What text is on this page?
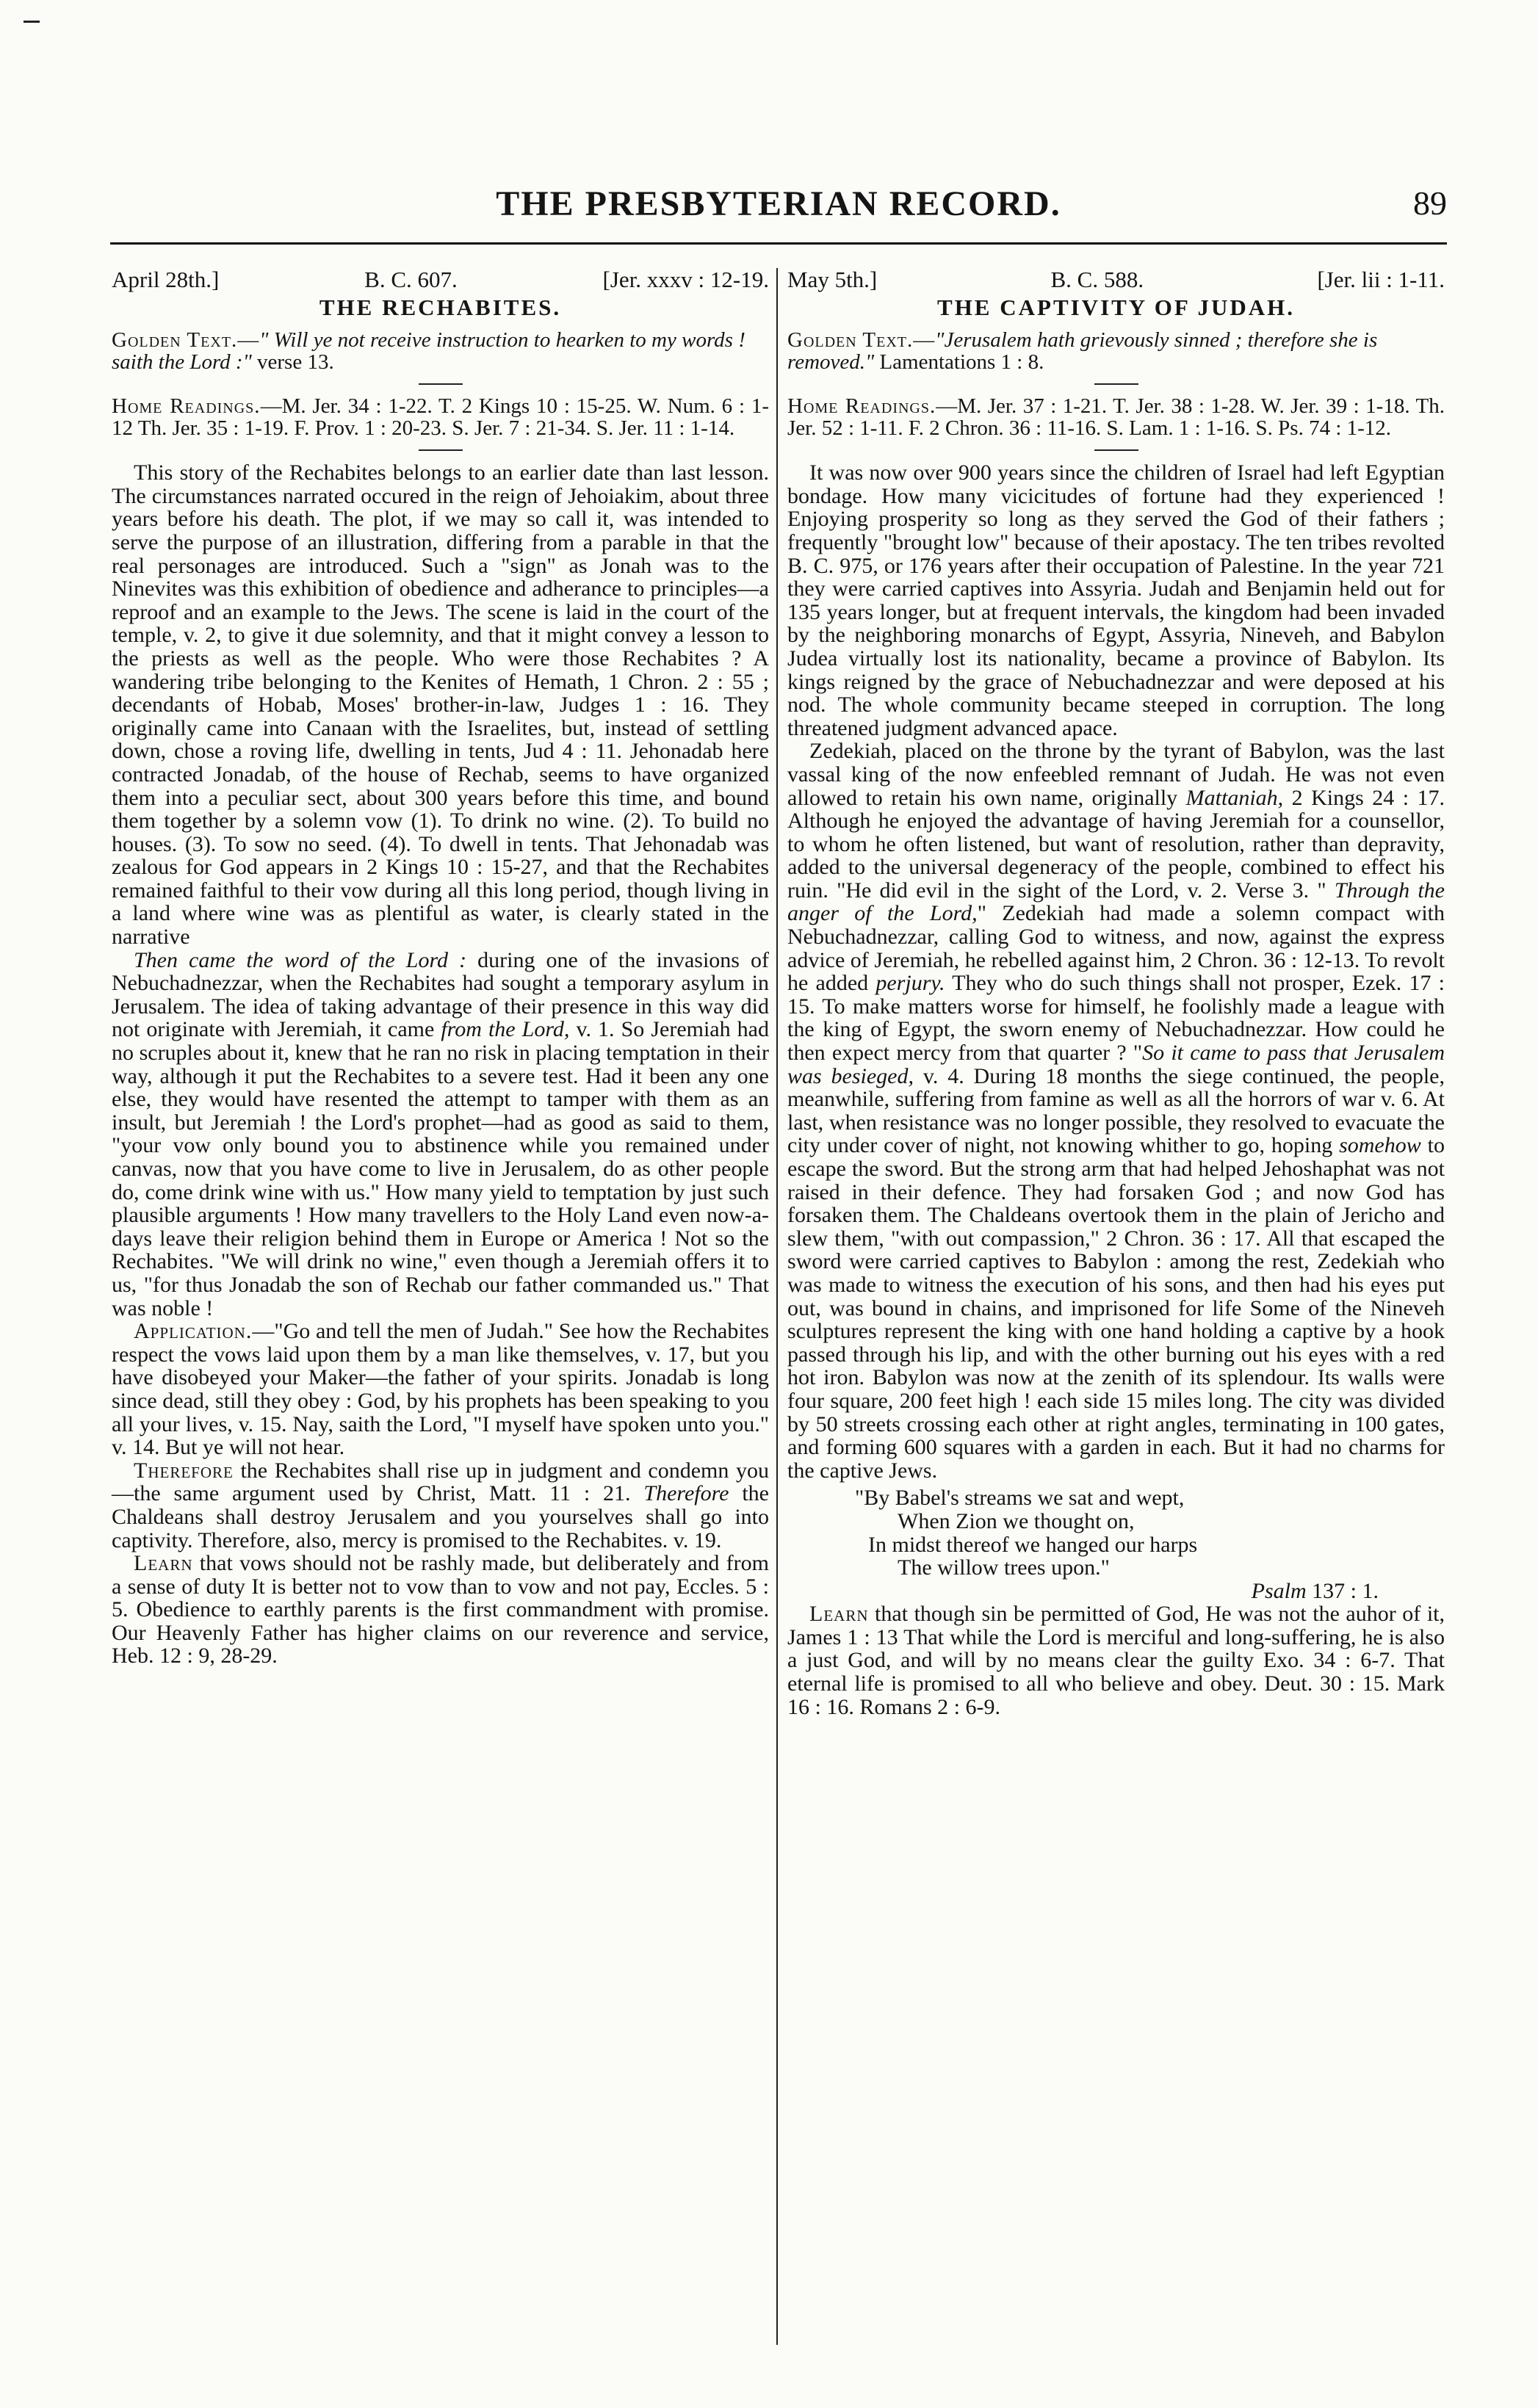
THE PRESBYTERIAN RECORD.	89
April 28th.]	B. C. 607.	[Jer. xxxv : 12-19.
THE RECHABITES.
Golden Text.—" Will ye not receive instruction to hearken to my words ! saith the Lord :" verse 13.
Home Readings.—M. Jer. 34 : 1-22. T. 2 Kings 10 : 15-25. W. Num. 6 : 1-12 Th. Jer. 35 : 1-19. F. Prov. 1 : 20-23. S. Jer. 7 : 21-34. S. Jer. 11 : 1-14.

This story of the Rechabites belongs to an earlier date than last lesson. The circumstances narrated occured in the reign of Jehoiakim, about three years before his death. The plot, if we may so call it, was intended to serve the purpose of an illustration, differing from a parable in that the real personages are introduced. Such a "sign" as Jonah was to the Ninevites was this exhibition of obedience and adherance to principles—a reproof and an example to the Jews. The scene is laid in the court of the temple, v. 2, to give it due solemnity, and that it might convey a lesson to the priests as well as the people. Who were those Rechabites ? A wandering tribe belonging to the Kenites of Hemath, 1 Chron. 2 : 55 ; decendants of Hobab, Moses' brother-in-law, Judges 1 : 16. They originally came into Canaan with the Israelites, but, instead of settling down, chose a roving life, dwelling in tents, Jud 4 : 11. Jehonadab here contracted Jonadab, of the house of Rechab, seems to have organized them into a peculiar sect, about 300 years before this time, and bound them together by a solemn vow (1). To drink no wine. (2). To build no houses. (3). To sow no seed. (4). To dwell in tents. That Jehonadab was zealous for God appears in 2 Kings 10 : 15-27, and that the Rechabites remained faithful to their vow during all this long period, though living in a land where wine was as plentiful as water, is clearly stated in the narrative

Then came the word of the Lord : during one of the invasions of Nebuchadnezzar, when the Rechabites had sought a temporary asylum in Jerusalem. The idea of taking advantage of their presence in this way did not originate with Jeremiah, it came from the Lord, v. 1. So Jeremiah had no scruples about it, knew that he ran no risk in placing temptation in their way, although it put the Rechabites to a severe test. Had it been any one else, they would have resented the attempt to tamper with them as an insult, but Jeremiah ! the Lord's prophet—had as good as said to them, "your vow only bound you to abstinence while you remained under canvas, now that you have come to live in Jerusalem, do as other people do, come drink wine with us." How many yield to temptation by just such plausible arguments ! How many travellers to the Holy Land even now-a-days leave their religion behind them in Europe or America ! Not so the Rechabites. "We will drink no wine," even though a Jeremiah offers it to us, "for thus Jonadab the son of Rechab our father commanded us." That was noble !

Application.—"Go and tell the men of Judah." See how the Rechabites respect the vows laid upon them by a man like themselves, v. 17, but you have disobeyed your Maker—the father of your spirits. Jonadab is long since dead, still they obey : God, by his prophets has been speaking to you all your lives, v. 15. Nay, saith the Lord, "I myself have spoken unto you." v. 14. But ye will not hear.

Therefore the Rechabites shall rise up in judgment and condemn you—the same argument used by Christ, Matt. 11 : 21. Therefore the Chaldeans shall destroy Jerusalem and you yourselves shall go into captivity. Therefore, also, mercy is promised to the Rechabites. v. 19.

Learn that vows should not be rashly made, but deliberately and from a sense of duty It is better not to vow than to vow and not pay, Eccles. 5 : 5. Obedience to earthly parents is the first commandment with promise. Our Heavenly Father has higher claims on our reverence and service, Heb. 12 : 9, 28-29.

May 5th.]	B. C. 588.	[Jer. lii : 1-11.
THE CAPTIVITY OF JUDAH.
Golden Text.—"Jerusalem hath grievously sinned ; therefore she is removed." Lamentations 1 : 8.
Home Readings.—M. Jer. 37 : 1-21. T. Jer. 38 : 1-28. W. Jer. 39 : 1-18. Th. Jer. 52 : 1-11. F. 2 Chron. 36 : 11-16. S. Lam. 1 : 1-16. S. Ps. 74 : 1-12.

It was now over 900 years since the children of Israel had left Egyptian bondage. How many vicicitudes of fortune had they experienced ! Enjoying prosperity so long as they served the God of their fathers ; frequently "brought low" because of their apostacy. The ten tribes revolted B. C. 975, or 176 years after their occupation of Palestine. In the year 721 they were carried captives into Assyria. Judah and Benjamin held out for 135 years longer, but at frequent intervals, the kingdom had been invaded by the neighboring monarchs of Egypt, Assyria, Nineveh, and Babylon Judea virtually lost its nationality, became a province of Babylon. Its kings reigned by the grace of Nebuchadnezzar and were deposed at his nod. The whole community became steeped in corruption. The long threatened judgment advanced apace.

Zedekiah, placed on the throne by the tyrant of Babylon, was the last vassal king of the now enfeebled remnant of Judah. He was not even allowed to retain his own name, originally Mattaniah, 2 Kings 24 : 17. Although he enjoyed the advantage of having Jeremiah for a counsellor, to whom he often listened, but want of resolution, rather than depravity, added to the universal degeneracy of the people, combined to effect his ruin. "He did evil in the sight of the Lord, v. 2. Verse 3. " Through the anger of the Lord," Zedekiah had made a solemn compact with Nebuchadnezzar, calling God to witness, and now, against the express advice of Jeremiah, he rebelled against him, 2 Chron. 36 : 12-13. To revolt he added perjury. They who do such things shall not prosper, Ezek. 17 : 15. To make matters worse for himself, he foolishly made a league with the king of Egypt, the sworn enemy of Nebuchadnezzar. How could he then expect mercy from that quarter ? "So it came to pass that Jerusalem was besieged, v. 4. During 18 months the siege continued, the people, meanwhile, suffering from famine as well as all the horrors of war v. 6. At last, when resistance was no longer possible, they resolved to evacuate the city under cover of night, not knowing whither to go, hoping somehow to escape the sword. But the strong arm that had helped Jehoshaphat was not raised in their defence. They had forsaken God ; and now God has forsaken them. The Chaldeans overtook them in the plain of Jericho and slew them, "with out compassion," 2 Chron. 36 : 17. All that escaped the sword were carried captives to Babylon : among the rest, Zedekiah who was made to witness the execution of his sons, and then had his eyes put out, was bound in chains, and imprisoned for life Some of the Nineveh sculptures represent the king with one hand holding a captive by a hook passed through his lip, and with the other burning out his eyes with a red hot iron. Babylon was now at the zenith of its splendour. Its walls were four square, 200 feet high ! each side 15 miles long. The city was divided by 50 streets crossing each other at right angles, terminating in 100 gates, and forming 600 squares with a garden in each. But it had no charms for the captive Jews.

"By Babel's streams we sat and wept,
When Zion we thought on,
In midst thereof we hanged our harps
The willow trees upon."
Psalm 137 : 1.

Learn that though sin be permitted of God, He was not the auhor of it, James 1 : 13 That while the Lord is merciful and long-suffering, he is also a just God, and will by no means clear the guilty Exo. 34 : 6-7. That eternal life is promised to all who believe and obey. Deut. 30 : 15. Mark 16 : 16. Romans 2 : 6-9.
